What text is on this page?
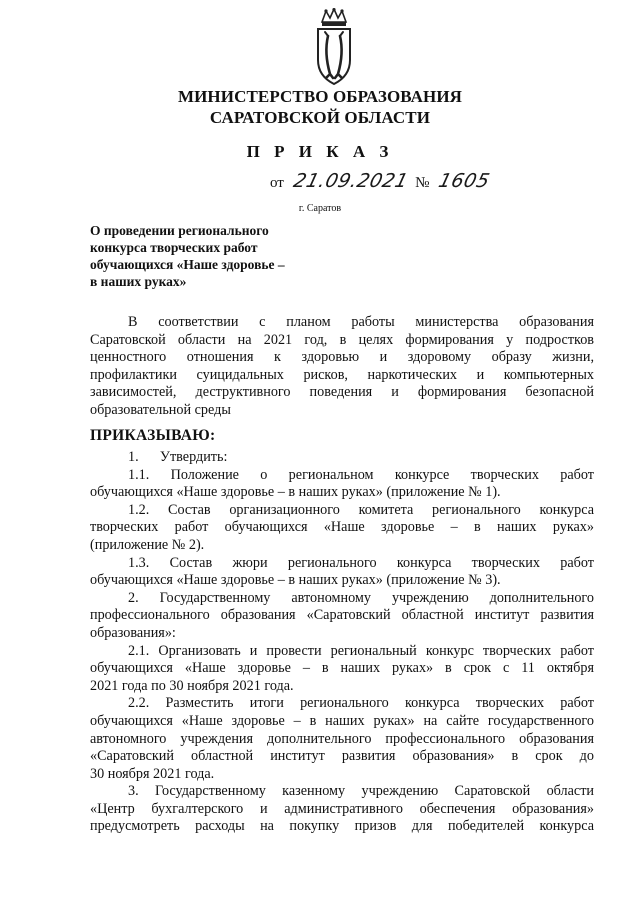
МИНИСТЕРСТВО ОБРАЗОВАНИЯ
САРАТОВСКОЙ ОБЛАСТИ
П Р И К А З
от 21.09.2021 № 1605
г. Саратов
О проведении регионального
конкурса творческих работ
обучающихся «Наше здоровье –
в наших руках»
В соответствии с планом работы министерства образования
Саратовской области на 2021 год, в целях формирования у подростков
ценностного отношения к здоровью и здоровому образу жизни,
профилактики суицидальных рисков, наркотических и компьютерных
зависимостей, деструктивного поведения и формирования безопасной
образовательной среды
ПРИКАЗЫВАЮ:
1.      Утвердить:
1.1. Положение о региональном конкурсе творческих работ
обучающихся «Наше здоровье – в наших руках» (приложение № 1).
1.2. Состав организационного комитета регионального конкурса
творческих работ обучающихся «Наше здоровье – в наших руках»
(приложение № 2).
1.3. Состав жюри регионального конкурса творческих работ
обучающихся «Наше здоровье – в наших руках» (приложение № 3).
2. Государственному автономному учреждению дополнительного
профессионального образования «Саратовский областной институт развития
образования»:
2.1. Организовать и провести региональный конкурс творческих работ
обучающихся «Наше здоровье – в наших руках» в срок с 11 октября
2021 года по 30 ноября 2021 года.
2.2. Разместить итоги регионального конкурса творческих работ
обучающихся «Наше здоровье – в наших руках» на сайте государственного
автономного учреждения дополнительного профессионального образования
«Саратовский областной институт развития образования» в срок до
30 ноября 2021 года.
3. Государственному казенному учреждению Саратовской области
«Центр бухгалтерского и административного обеспечения образования»
предусмотреть расходы на покупку призов для победителей конкурса
